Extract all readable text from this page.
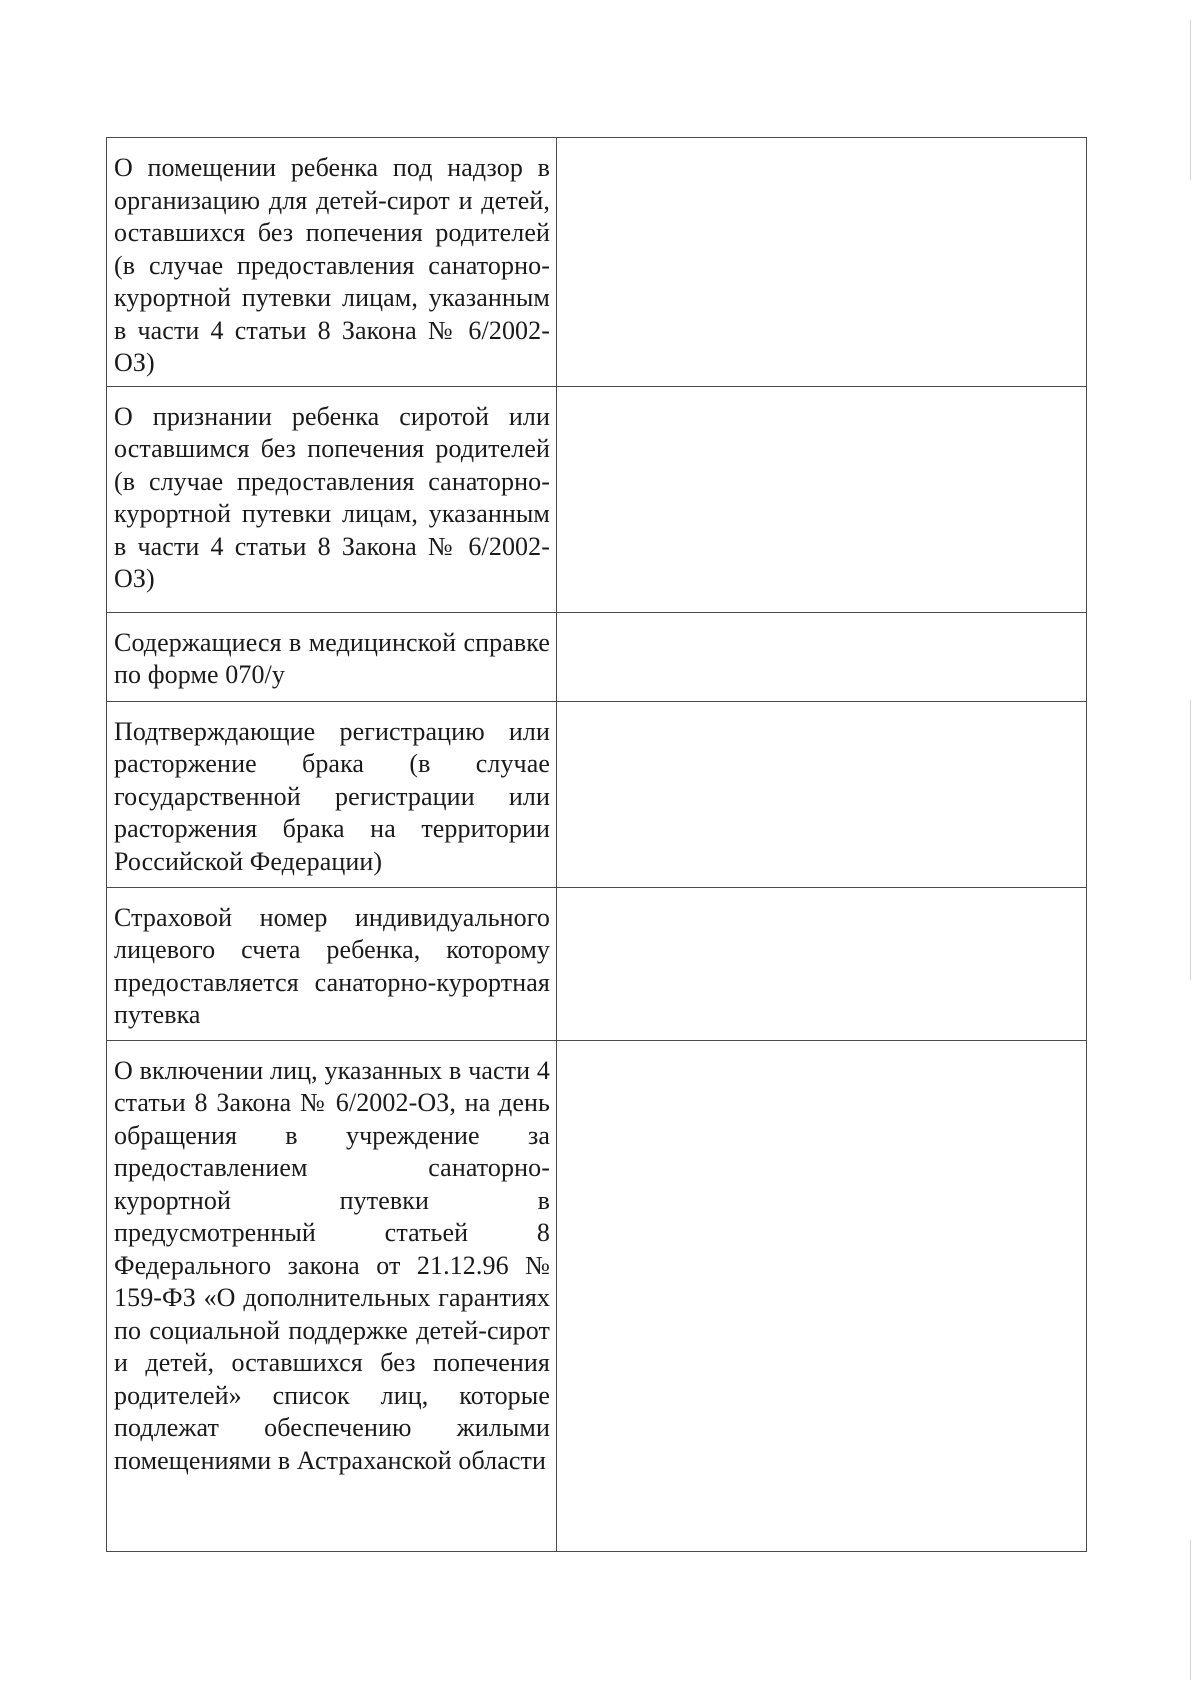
О помещении ребенка под надзор в организацию для детей-сирот и детей, оставшихся без попечения родителей (в случае предоставления санаторно-курортной путевки лицам, указанным в части 4 статьи 8 Закона № 6/2002-ОЗ)	

О признании ребенка сиротой или оставшимся без попечения родителей (в случае предоставления санаторно-курортной путевки лицам, указанным в части 4 статьи 8 Закона № 6/2002-ОЗ)	

Содержащиеся в медицинской справке по форме 070/у	

Подтверждающие регистрацию или расторжение брака (в случае государственной регистрации или расторжения брака на территории Российской Федерации)	

Страховой номер индивидуального лицевого счета ребенка, которому предоставляется санаторно-курортная путевка	

О включении лиц, указанных в части 4 статьи 8 Закона № 6/2002-ОЗ, на день обращения в учреждение за предоставлением санаторно-курортной путевки в предусмотренный статьей 8 Федерального закона от 21.12.96 № 159-ФЗ «О дополнительных гарантиях по социальной поддержке детей-сирот и детей, оставшихся без попечения родителей» список лиц, которые подлежат обеспечению жилыми помещениями в Астраханской области	
